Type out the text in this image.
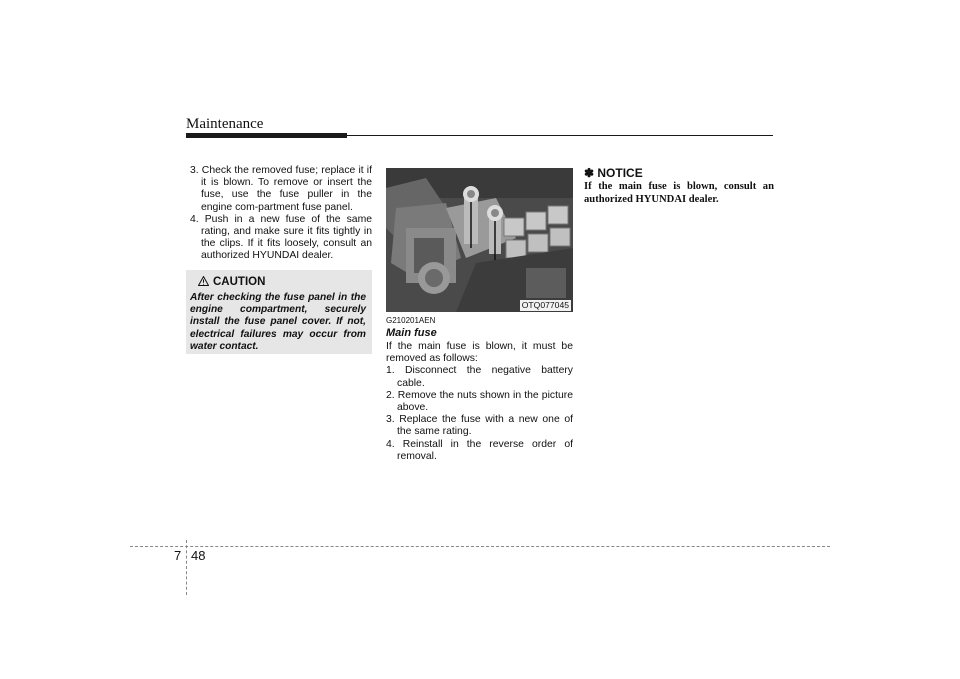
Maintenance
3. Check the removed fuse; replace it if it is blown. To remove or insert the fuse, use the fuse puller in the engine com-partment fuse panel.
4. Push in a new fuse of the same rating, and make sure it fits tightly in the clips. If it fits loosely, consult an authorized HYUNDAI dealer.
CAUTION
After checking the fuse panel in the engine compartment, securely install the fuse panel cover. If not, electrical failures may occur from water contact.
OTQ077045
G210201AEN
Main fuse

If the main fuse is blown, it must be removed as follows:

1. Disconnect the negative battery cable.
2. Remove the nuts shown in the picture above.
3. Replace the fuse with a new one of the same rating.
4. Reinstall in the reverse order of removal.
✽ NOTICE
If the main fuse is blown, consult an authorized HYUNDAI dealer.
7 48
